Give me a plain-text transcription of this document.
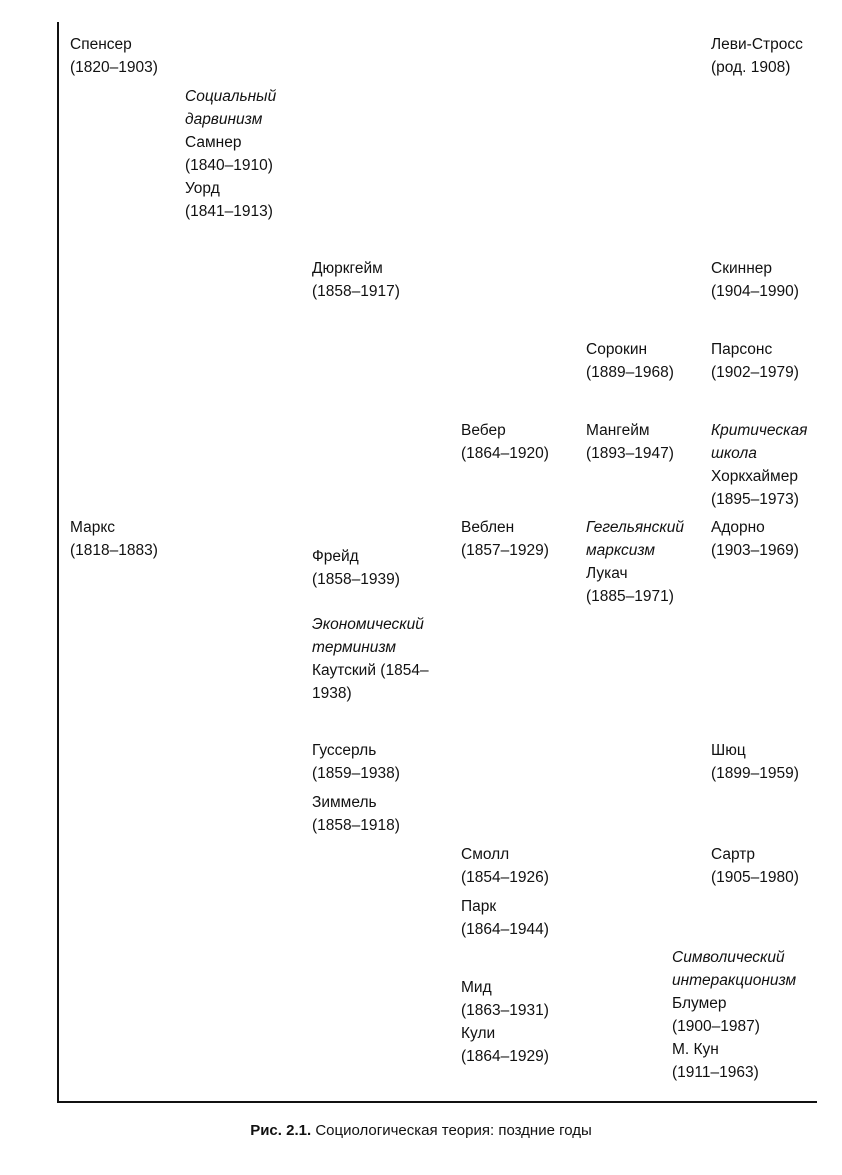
Спенсер
(1820–1903)
Леви-Стросс
(род. 1908)
Социальный
дарвинизм
Самнер
(1840–1910)
Уорд
(1841–1913)
Дюркгейм
(1858–1917)
Скиннер
(1904–1990)
Сорокин
(1889–1968)
Парсонс
(1902–1979)
Вебер
(1864–1920)
Мангейм
(1893–1947)
Критическая
школа
Хоркхаймер
(1895–1973)
Маркс
(1818–1883)
Веблен
(1857–1929)
Гегельянский
марксизм
Лукач
(1885–1971)
Адорно
(1903–1969)
Фрейд
(1858–1939)
Экономический
терминизм
Каутский (1854–
1938)
Гуссерль
(1859–1938)
Шюц
(1899–1959)
Зиммель
(1858–1918)
Смолл
(1854–1926)
Сартр
(1905–1980)
Парк
(1864–1944)
Символический
интеракционизм
Блумер
(1900–1987)
М. Кун
(1911–1963)
Мид
(1863–1931)
Кули
(1864–1929)
Рис. 2.1. Социологическая теория: поздние годы
